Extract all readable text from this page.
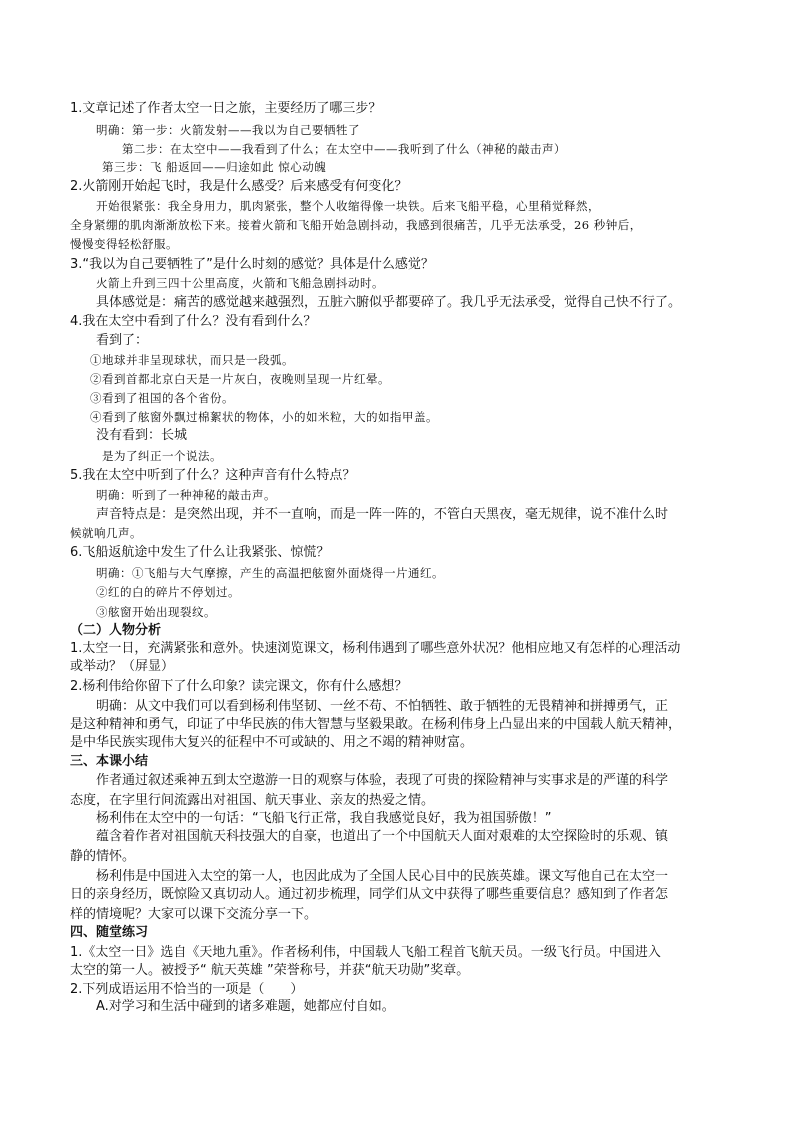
1.文章记述了作者太空一日之旅，主要经历了哪三步？
明确：第一步：火箭发射——我以为自己要牺牲了
第二步：在太空中——我看到了什么；在太空中——我听到了什么（神秘的敲击声）
第三步：飞 船返回——归途如此 惊心动魄
2.火箭刚开始起飞时，我是什么感受？后来感受有何变化？
开始很紧张：我全身用力，肌肉紧张，整个人收缩得像一块铁。后来飞船平稳，心里稍觉释然，
全身紧绷的肌肉渐渐放松下来。接着火箭和飞船开始急剧抖动，我感到很痛苦，几乎无法承受，26 秒钟后，
慢慢变得轻松舒服。
3.“我以为自己要牺牲了”是什么时刻的感觉？具体是什么感觉？
火箭上升到三四十公里高度，火箭和飞船急剧抖动时。
具体感觉是：痛苦的感觉越来越强烈，五脏六腑似乎都要碎了。我几乎无法承受，觉得自己快不行了。
4.我在太空中看到了什么？没有看到什么？
看到了：
①地球并非呈现球状，而只是一段弧。
②看到首都北京白天是一片灰白，夜晚则呈现一片红晕。
③看到了祖国的各个省份。
④看到了舷窗外飘过棉絮状的物体，小的如米粒，大的如指甲盖。
没有看到：长城
是为了纠正一个说法。
5.我在太空中听到了什么？这种声音有什么特点？
明确：听到了一种神秘的敲击声。
声音特点是：是突然出现，并不一直响，而是一阵一阵的，不管白天黑夜，毫无规律，说不准什么时
候就响几声。
6.飞船返航途中发生了什么让我紧张、惊慌？
明确：①飞船与大气摩擦，产生的高温把舷窗外面烧得一片通红。
②红的白的碎片不停划过。
③舷窗开始出现裂纹。
（二）人物分析
1.太空一日，充满紧张和意外。快速浏览课文，杨利伟遇到了哪些意外状况？他相应地又有怎样的心理活动
或举动？（屏显）
2.杨利伟给你留下了什么印象？读完课文，你有什么感想？
明确：从文中我们可以看到杨利伟坚韧、一丝不苟、不怕牺牲、敢于牺牲的无畏精神和拼搏勇气，正
是这种精神和勇气，印证了中华民族的伟大智慧与坚毅果敢。在杨利伟身上凸显出来的中国载人航天精神，
是中华民族实现伟大复兴的征程中不可或缺的、用之不竭的精神财富。
三、本课小结
作者通过叙述乘神五到太空遨游一日的观察与体验，表现了可贵的探险精神与实事求是的严谨的科学
态度，在字里行间流露出对祖国、航天事业、亲友的热爱之情。
杨利伟在太空中的一句话：“飞船飞行正常，我自我感觉良好，我为祖国骄傲！”
蕴含着作者对祖国航天科技强大的自豪，也道出了一个中国航天人面对艰难的太空探险时的乐观、镇
静的情怀。
杨利伟是中国进入太空的第一人，也因此成为了全国人民心目中的民族英雄。课文写他自己在太空一
日的亲身经历，既惊险又真切动人。通过初步梳理，同学们从文中获得了哪些重要信息？感知到了作者怎
样的情境呢？大家可以课下交流分享一下。
四、随堂练习
1.《太空一日》选自《天地九重》。作者杨利伟，中国载人飞船工程首飞航天员。一级飞行员。中国进入
太空的第一人。被授予“ 航天英雄 ”荣誉称号，并获“航天功勋”奖章。
2.下列成语运用不恰当的一项是（　　）
A.对学习和生活中碰到的诸多难题，她都应付自如。
